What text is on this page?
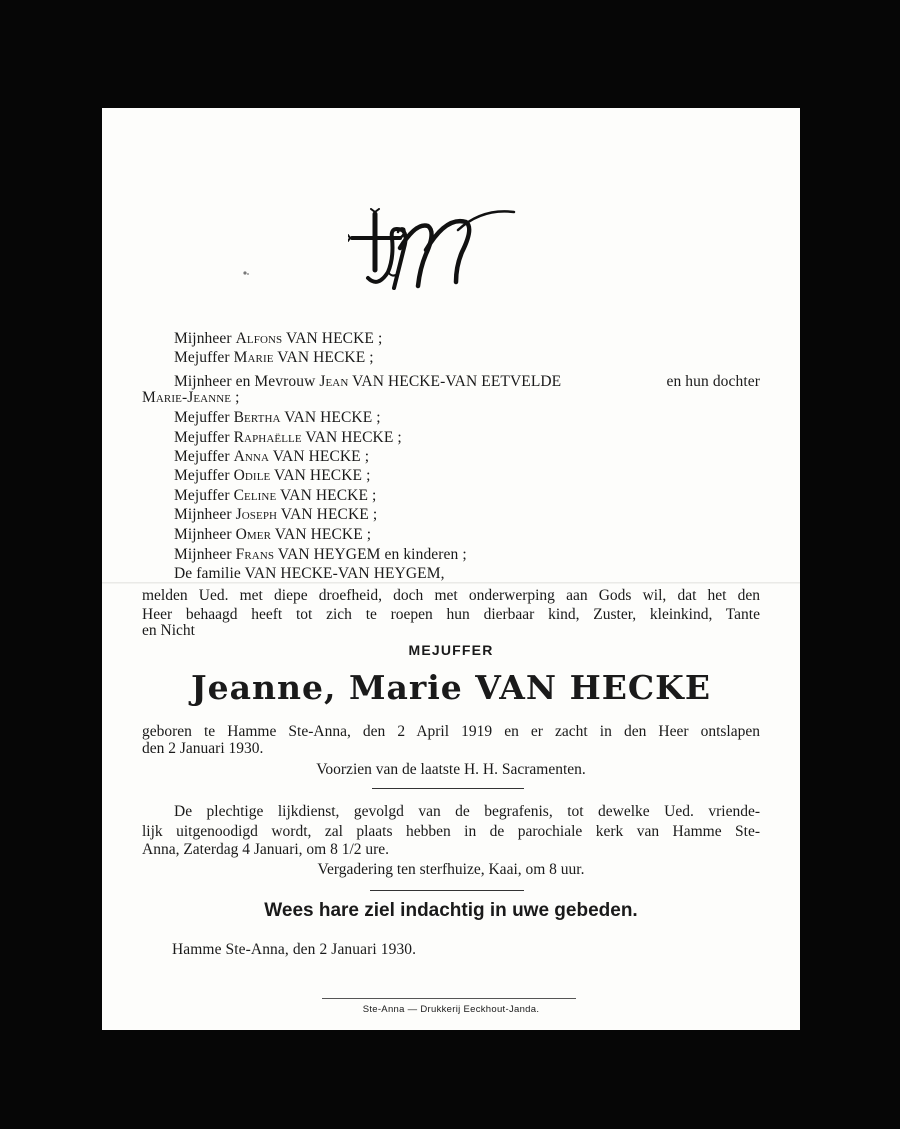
Mijnheer Alfons VAN HECKE ;
Mejuffer Marie VAN HECKE ;
Mijnheer en Mevrouw Jean VAN HECKE-VAN EETVELDE	en hun dochter
Marie-Jeanne ;
Mejuffer Bertha VAN HECKE ;
Mejuffer Raphaëlle VAN HECKE ;
Mejuffer Anna VAN HECKE ;
Mejuffer Odile VAN HECKE ;
Mejuffer Celine VAN HECKE ;
Mijnheer Joseph VAN HECKE ;
Mijnheer Omer VAN HECKE ;
Mijnheer Frans VAN HEYGEM en kinderen ;
De familie VAN HECKE-VAN HEYGEM,
melden Ued. met diepe droefheid, doch met onderwerping aan Gods wil, dat het den
Heer behaagd heeft tot zich te roepen hun dierbaar kind, Zuster, kleinkind, Tante
en Nicht
MEJUFFER
Jeanne, Marie VAN HECKE
geboren te Hamme Ste-Anna, den 2 April 1919 en er zacht in den Heer ontslapen
den 2 Januari 1930.
Voorzien van de laatste H. H. Sacramenten.
De plechtige lijkdienst, gevolgd van de begrafenis, tot dewelke Ued. vriende-
lijk uitgenoodigd wordt, zal plaats hebben in de parochiale kerk van Hamme Ste-
Anna, Zaterdag 4 Januari, om 8 1/2 ure.
Vergadering ten sterfhuize, Kaai, om 8 uur.
Wees hare ziel indachtig in uwe gebeden.
Hamme Ste-Anna, den 2 Januari 1930.
Ste-Anna — Drukkerij Eeckhout-Janda.
